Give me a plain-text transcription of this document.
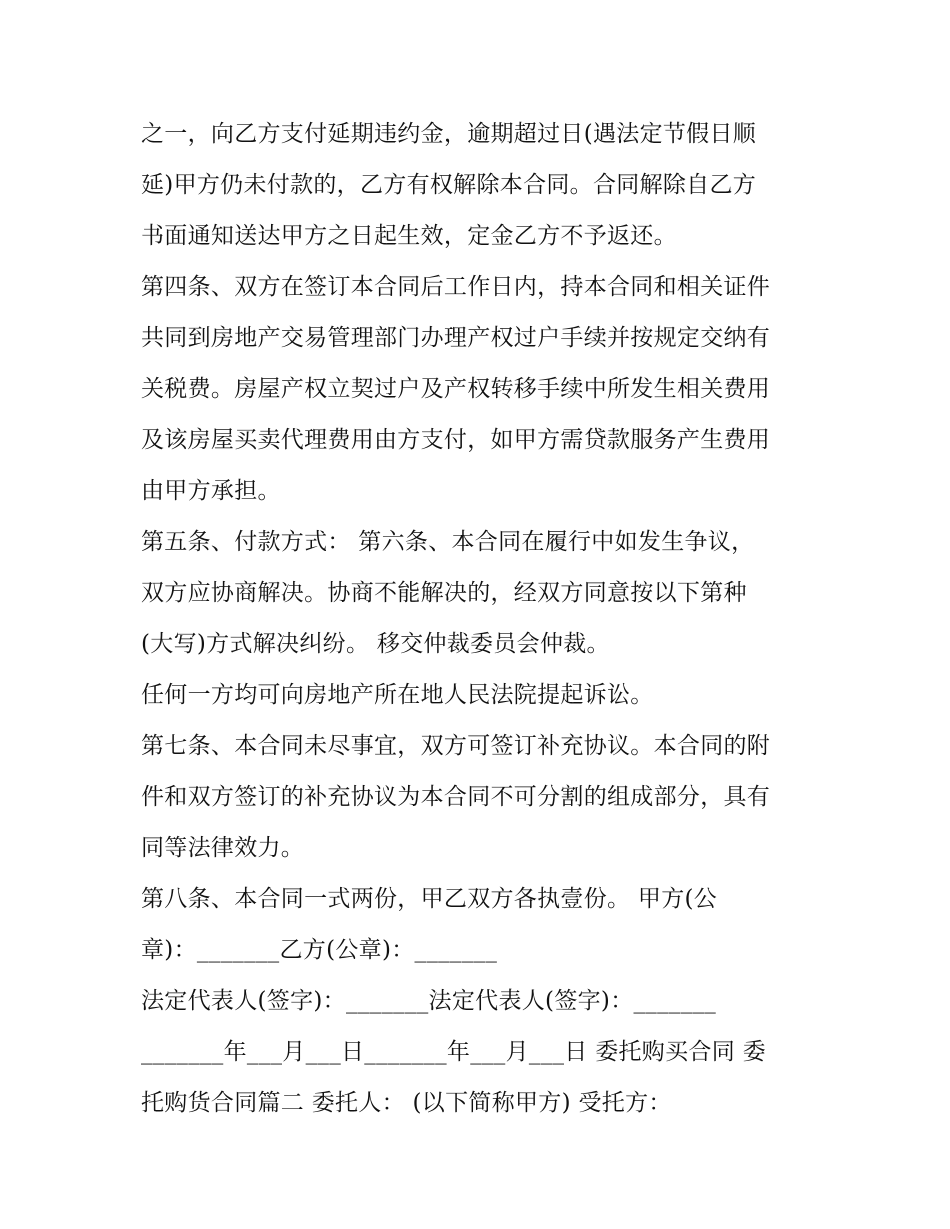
之一，向乙方支付延期违约金，逾期超过日(遇法定节假日顺
延)甲方仍未付款的，乙方有权解除本合同。合同解除自乙方
书面通知送达甲方之日起生效，定金乙方不予返还。
第四条、双方在签订本合同后工作日内，持本合同和相关证件
共同到房地产交易管理部门办理产权过户手续并按规定交纳有
关税费。房屋产权立契过户及产权转移手续中所发生相关费用
及该房屋买卖代理费用由方支付，如甲方需贷款服务产生费用
由甲方承担。
第五条、付款方式： 第六条、本合同在履行中如发生争议，
双方应协商解决。协商不能解决的，经双方同意按以下第种
(大写)方式解决纠纷。 移交仲裁委员会仲裁。
任何一方均可向房地产所在地人民法院提起诉讼。
第七条、本合同未尽事宜，双方可签订补充协议。本合同的附
件和双方签订的补充协议为本合同不可分割的组成部分，具有
同等法律效力。
第八条、本合同一式两份，甲乙双方各执壹份。 甲方(公
章)：_______乙方(公章)：_______
法定代表人(签字)：_______法定代表人(签字)：_______
_______年___月___日_______年___月___日 委托购买合同 委
托购货合同篇二 委托人： (以下简称甲方) 受托方：
